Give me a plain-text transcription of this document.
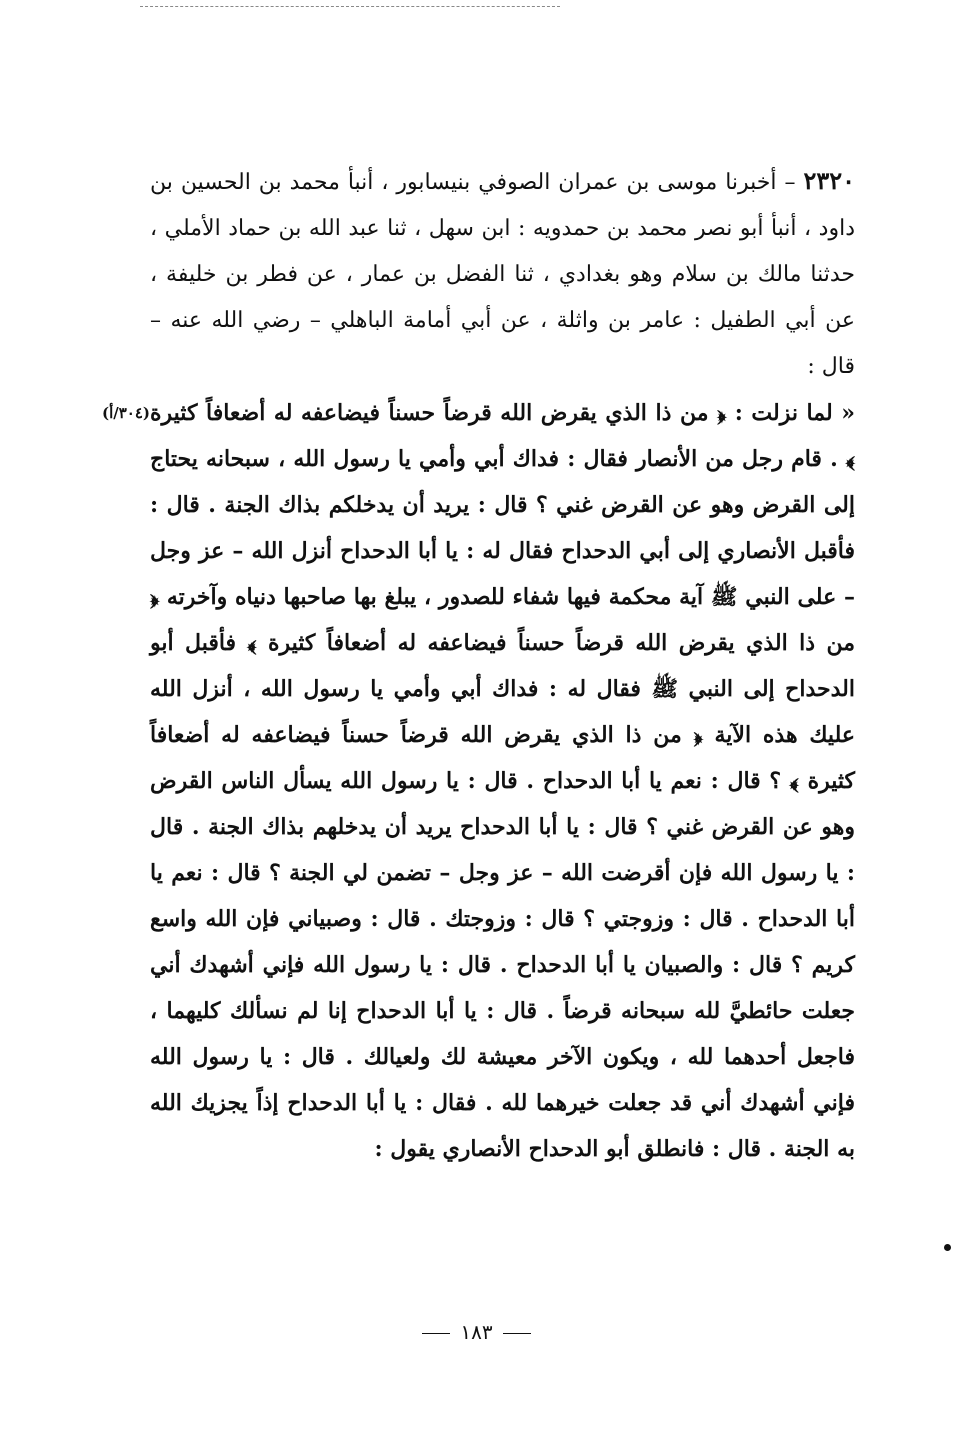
٢٣٢٠ – أخبرنا موسى بن عمران الصوفي بنيسابور ، أنبأ محمد بن الحسين بن داود ، أنبأ أبو نصر محمد بن حمدويه : ابن سهل ، ثنا عبد الله بن حماد الأملي ، حدثنا مالك بن سلام وهو بغدادي ، ثنا الفضل بن عمار ، عن فطر بن خليفة ، عن أبي الطفيل : عامر بن واثلة ، عن أبي أمامة الباهلي – رضي الله عنه – قال :

(٣٠٤/أ) « لما نزلت : ﴿ من ذا الذي يقرض الله قرضاً حسناً فيضاعفه له أضعافاً كثيرة ﴾ . قام رجل من الأنصار فقال : فداك أبي وأمي يا رسول الله ، سبحانه يحتاج إلى القرض وهو عن القرض غني ؟ قال : يريد أن يدخلكم بذاك الجنة . قال : فأقبل الأنصاري إلى أبي الدحداح فقال له : يا أبا الدحداح أنزل الله – عز وجل – على النبي ﷺ آية محكمة فيها شفاء للصدور ، يبلغ بها صاحبها دنياه وآخرته ﴿ من ذا الذي يقرض الله قرضاً حسناً فيضاعفه له أضعافاً كثيرة ﴾ فأقبل أبو الدحداح إلى النبي ﷺ فقال له : فداك أبي وأمي يا رسول الله ، أنزل الله عليك هذه الآية ﴿ من ذا الذي يقرض الله قرضاً حسناً فيضاعفه له أضعافاً كثيرة ﴾ ؟ قال : نعم يا أبا الدحداح . قال : يا رسول الله يسأل الناس القرض وهو عن القرض غني ؟ قال : يا أبا الدحداح يريد أن يدخلهم بذاك الجنة . قال : يا رسول الله فإن أقرضت الله – عز وجل – تضمن لي الجنة ؟ قال : نعم يا أبا الدحداح . قال : وزوجتي ؟ قال : وزوجتك . قال : وصبياني فإن الله واسع كريم ؟ قال : والصبيان يا أبا الدحداح . قال : يا رسول الله فإني أشهدك أني جعلت حائطيَّ لله سبحانه قرضاً . قال : يا أبا الدحداح إنا لم نسألك كليهما ، فاجعل أحدهما لله ، ويكون الآخر معيشة لك ولعيالك . قال : يا رسول الله فإني أشهدك أني قد جعلت خيرهما لله . فقال : يا أبا الدحداح إذاً يجزيك الله به الجنة . قال : فانطلق أبو الدحداح الأنصاري يقول :

١٨٣
